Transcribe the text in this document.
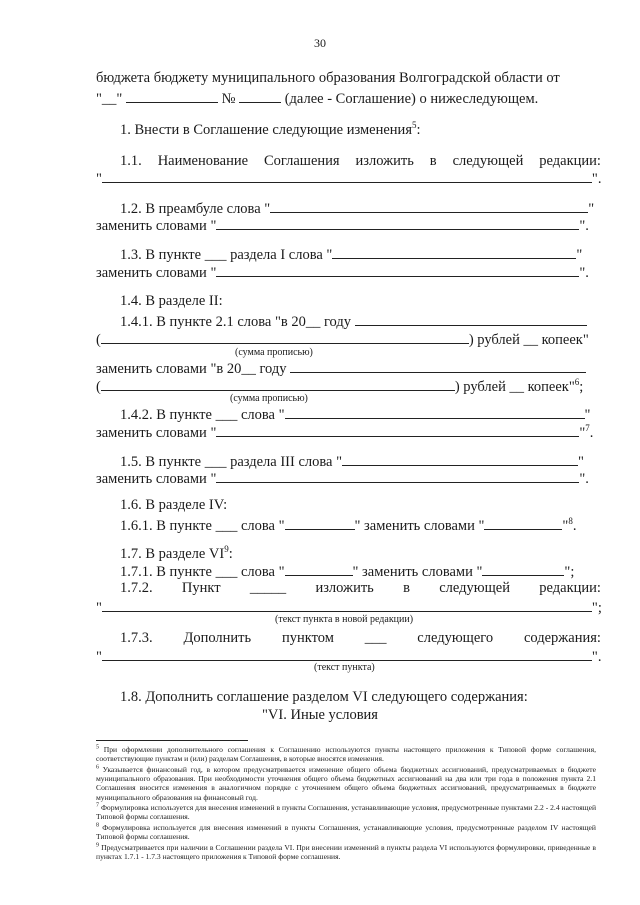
30
бюджета бюджету муниципального образования Волгоградской области от
"__"	№	(далее - Соглашение) о нижеследующем.
1. Внести в Соглашение следующие изменения$^5$:
1.1. Наименование Соглашения изложить в следующей редакции:
"	".
1.2. В преамбуле слова "	"
заменить словами "	".
1.3. В пункте ___ раздела I слова "	"
заменить словами "	".
1.4. В разделе II:
1.4.1. В пункте 2.1 слова "в 20__ году
(	) рублей __ копеек"
(сумма прописью)
заменить словами "в 20__ году
(	) рублей __ копеек"$^6$;
(сумма прописью)
1.4.2. В пункте ___ слова "	"
заменить словами "	"$^7$.
1.5. В пункте ___ раздела III слова "	"
заменить словами "	".
1.6. В разделе IV:
1.6.1. В пункте ___ слова "	" заменить словами "	"$^8$.
1.7. В разделе $VI^9$:
1.7.1. В пункте ___ слова "	" заменить словами "	";
1.7.2. Пункт _____ изложить в следующей редакции:
"	";
(текст пункта в новой редакции)
1.7.3. Дополнить пунктом ___ следующего содержания:
"	".
(текст пункта)
1.8. Дополнить соглашение разделом VI следующего содержания:
"VI. Иные условия
$^5$ При оформлении дополнительного соглашения к Соглашению используются пункты настоящего приложения к Типовой форме соглашения, соответствующие пунктам и (или) разделам Соглашения, в которые вносятся изменения.
$^6$ Указывается финансовый год, в котором предусматривается изменение общего объема бюджетных ассигнований, предусматриваемых в бюджете муниципального образования. При необходимости уточнения общего объема бюджетных ассигнований на два или три года в положения пункта 2.1 Соглашения вносится изменения в аналогичном порядке с уточнением общего объема бюджетных ассигнований, предусматриваемых в бюджете муниципального образования на финансовый год.
$^7$ Формулировка используется для внесения изменений в пункты Соглашения, устанавливающие условия, предусмотренные пунктами 2.2 - 2.4 настоящей Типовой формы соглашения.
$^8$ Формулировка используется для внесения изменений в пункты Соглашения, устанавливающие условия, предусмотренные разделом IV настоящей Типовой формы соглашения.
$^9$ Предусматривается при наличии в Соглашении раздела VI. При внесении изменений в пункты раздела VI используются формулировки, приведенные в пунктах 1.7.1 - 1.7.3 настоящего приложения к Типовой форме соглашения.
